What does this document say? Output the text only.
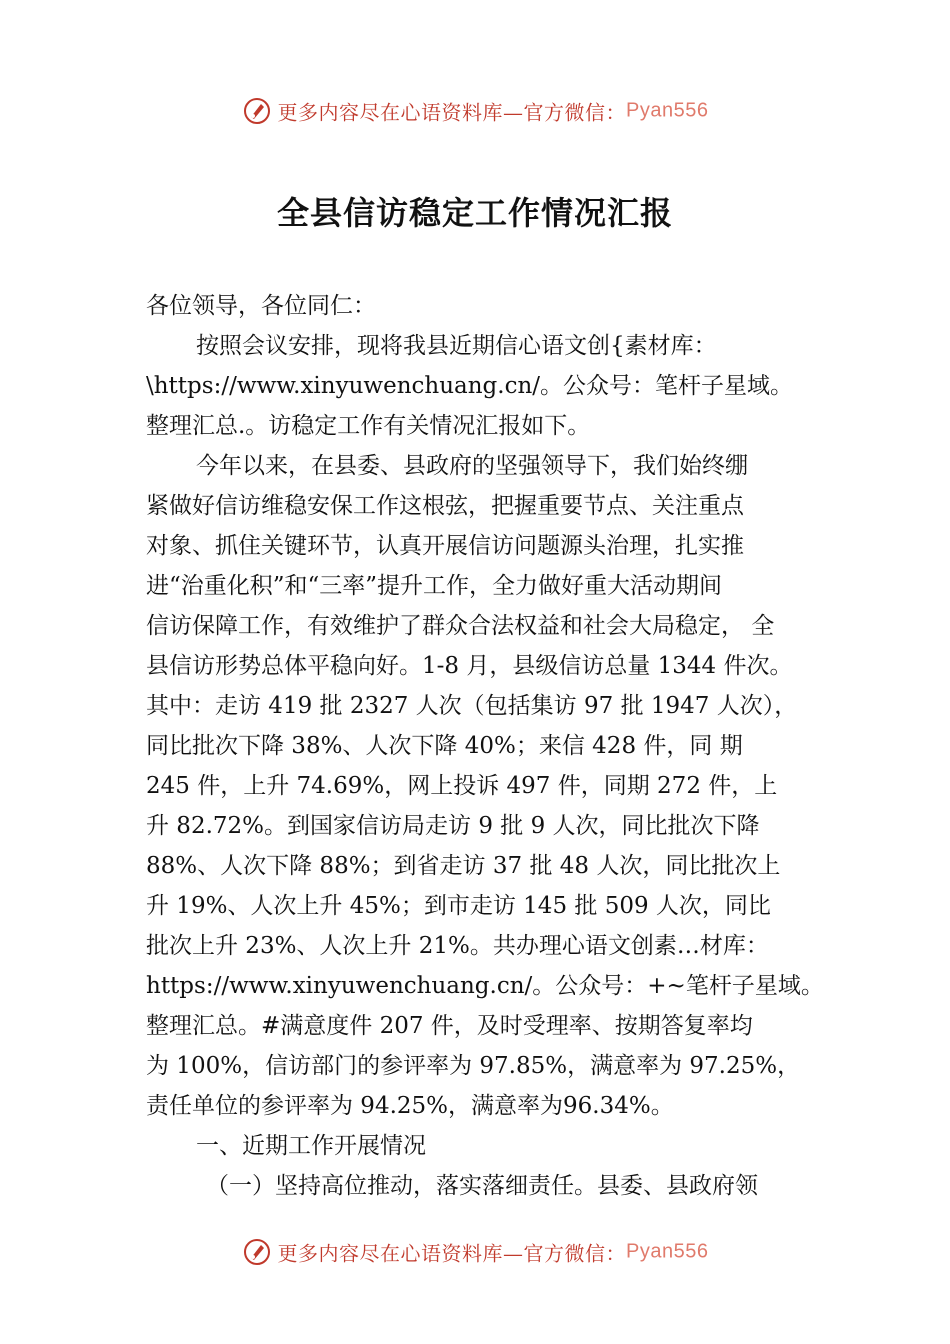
更多内容尽在心语资料库—官方微信：Pyan556
全县信访稳定工作情况汇报
各位领导，各位同仁：
按照会议安排，现将我县近期信心语文创{素材库：
\https://www.xinyuwenchuang.cn/。公众号：笔杆子星域。
整理汇总.。访稳定工作有关情况汇报如下。
今年以来，在县委、县政府的坚强领导下，我们始终绷
紧做好信访维稳安保工作这根弦，把握重要节点、关注重点
对象、抓住关键环节，认真开展信访问题源头治理，扎实推
进“治重化积”和“三率”提升工作，全力做好重大活动期间
信访保障工作，有效维护了群众合法权益和社会大局稳定， 全
县信访形势总体平稳向好。1-8 月，县级信访总量 1344 件次。
其中：走访 419 批 2327 人次（包括集访 97 批 1947 人次），
同比批次下降 38%、人次下降 40%；来信 428 件，同 期
245 件，上升 74.69%，网上投诉 497 件，同期 272 件，上
升 82.72%。到国家信访局走访 9 批 9 人次，同比批次下降
88%、人次下降 88%；到省走访 37 批 48 人次，同比批次上
升 19%、人次上升 45%；到市走访 145 批 509 人次，同比
批次上升 23%、人次上升 21%。共办理心语文创素…材库：
https://www.xinyuwenchuang.cn/。公众号：+~笔杆子星域。
整理汇总。#满意度件 207 件，及时受理率、按期答复率均
为 100%，信访部门的参评率为 97.85%，满意率为 97.25%，
责任单位的参评率为 94.25%，满意率为96.34%。
一、近期工作开展情况
（一）坚持高位推动，落实落细责任。县委、县政府领
更多内容尽在心语资料库—官方微信：Pyan556
